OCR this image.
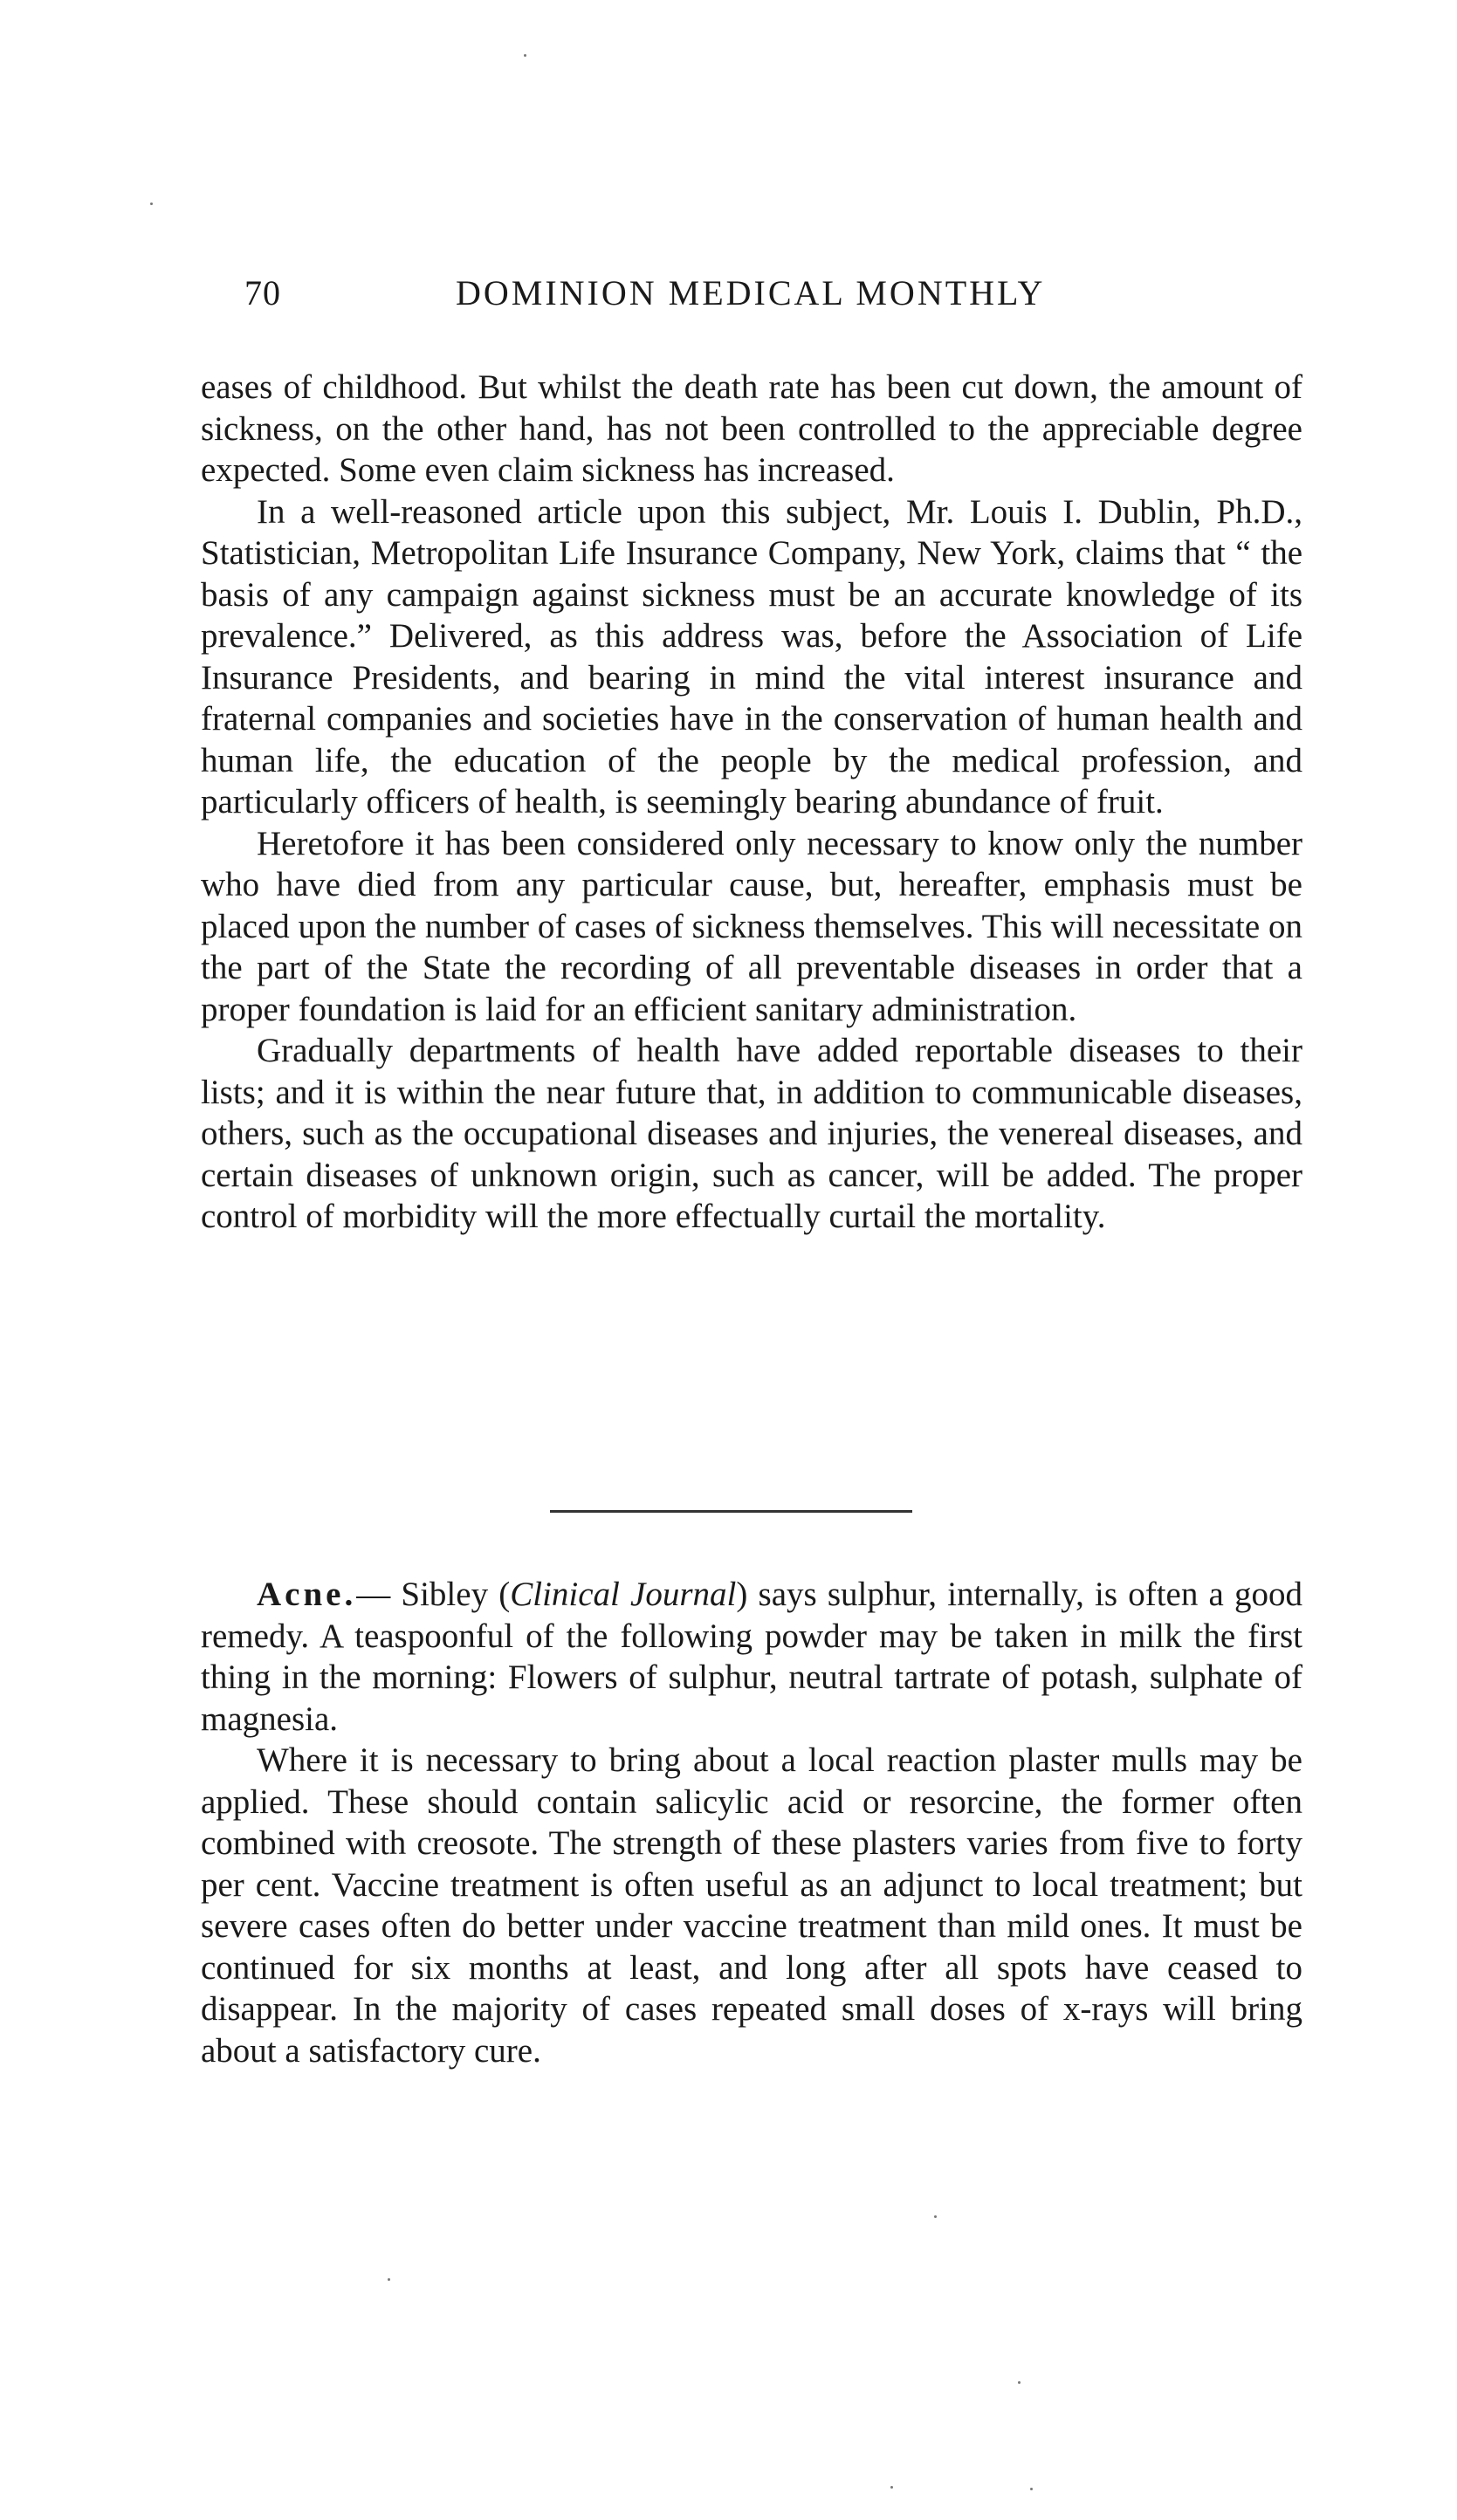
70	DOMINION MEDICAL MONTHLY

eases of childhood. But whilst the death rate has been cut down, the amount of sickness, on the other hand, has not been controlled to the appreciable degree expected. Some even claim sickness has increased.

In a well-reasoned article upon this subject, Mr. Louis I. Dublin, Ph.D., Statistician, Metropolitan Life Insurance Company, New York, claims that “ the basis of any campaign against sickness must be an accurate knowledge of its prevalence.” Delivered, as this address was, before the Association of Life Insurance Presidents, and bearing in mind the vital interest insurance and fraternal companies and societies have in the conservation of human health and human life, the education of the people by the medical profession, and particularly officers of health, is seemingly bearing abundance of fruit.

Heretofore it has been considered only necessary to know only the number who have died from any particular cause, but, hereafter, emphasis must be placed upon the number of cases of sickness themselves. This will necessitate on the part of the State the recording of all preventable diseases in order that a proper foundation is laid for an efficient sanitary administration.

Gradually departments of health have added reportable diseases to their lists; and it is within the near future that, in addition to communicable diseases, others, such as the occupational diseases and injuries, the venereal diseases, and certain diseases of unknown origin, such as cancer, will be added. The proper control of morbidity will the more effectually curtail the mortality.

Acne.— Sibley (Clinical Journal) says sulphur, internally, is often a good remedy. A teaspoonful of the following powder may be taken in milk the first thing in the morning: Flowers of sulphur, neutral tartrate of potash, sulphate of magnesia.

Where it is necessary to bring about a local reaction plaster mulls may be applied. These should contain salicylic acid or resorcine, the former often combined with creosote. The strength of these plasters varies from five to forty per cent. Vaccine treatment is often useful as an adjunct to local treatment; but severe cases often do better under vaccine treatment than mild ones. It must be continued for six months at least, and long after all spots have ceased to disappear. In the majority of cases repeated small doses of x-rays will bring about a satisfactory cure.
